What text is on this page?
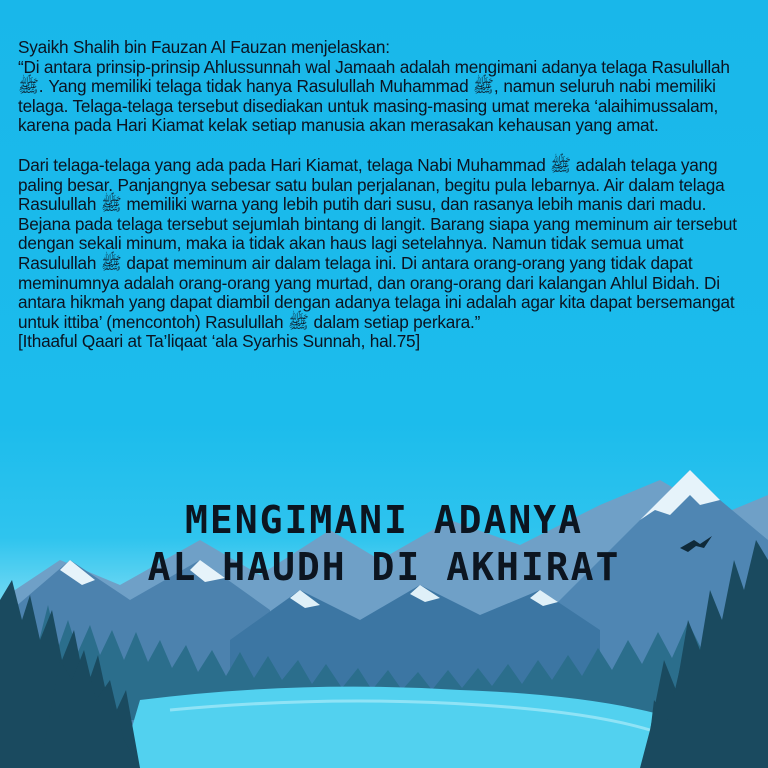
Syaikh Shalih bin Fauzan Al Fauzan menjelaskan:

“Di antara prinsip-prinsip Ahlussunnah wal Jamaah adalah mengimani adanya telaga Rasulullah ﷺ. Yang memiliki telaga tidak hanya Rasulullah Muhammad ﷺ, namun seluruh nabi memiliki telaga. Telaga-telaga tersebut disediakan untuk masing-masing umat mereka ‘alaihimussalam, karena pada Hari Kiamat kelak setiap manusia akan merasakan kehausan yang amat.

Dari telaga-telaga yang ada pada Hari Kiamat, telaga Nabi Muhammad ﷺ adalah telaga yang paling besar. Panjangnya sebesar satu bulan perjalanan, begitu pula lebarnya. Air dalam telaga Rasulullah ﷺ memiliki warna yang lebih putih dari susu, dan rasanya lebih manis dari madu. Bejana pada telaga tersebut sejumlah bintang di langit. Barang siapa yang meminum air tersebut dengan sekali minum, maka ia tidak akan haus lagi setelahnya. Namun tidak semua umat Rasulullah ﷺ dapat meminum air dalam telaga ini. Di antara orang-orang yang tidak dapat meminumnya adalah orang-orang yang murtad, dan orang-orang dari kalangan Ahlul Bidah. Di antara hikmah yang dapat diambil dengan adanya telaga ini adalah agar kita dapat bersemangat untuk ittiba’ (mencontoh) Rasulullah ﷺ dalam setiap perkara.”

[Ithaaful Qaari at Ta’liqaat ‘ala Syarhis Sunnah, hal.75]

MENGIMANI ADANYA
AL HAUDH DI AKHIRAT
